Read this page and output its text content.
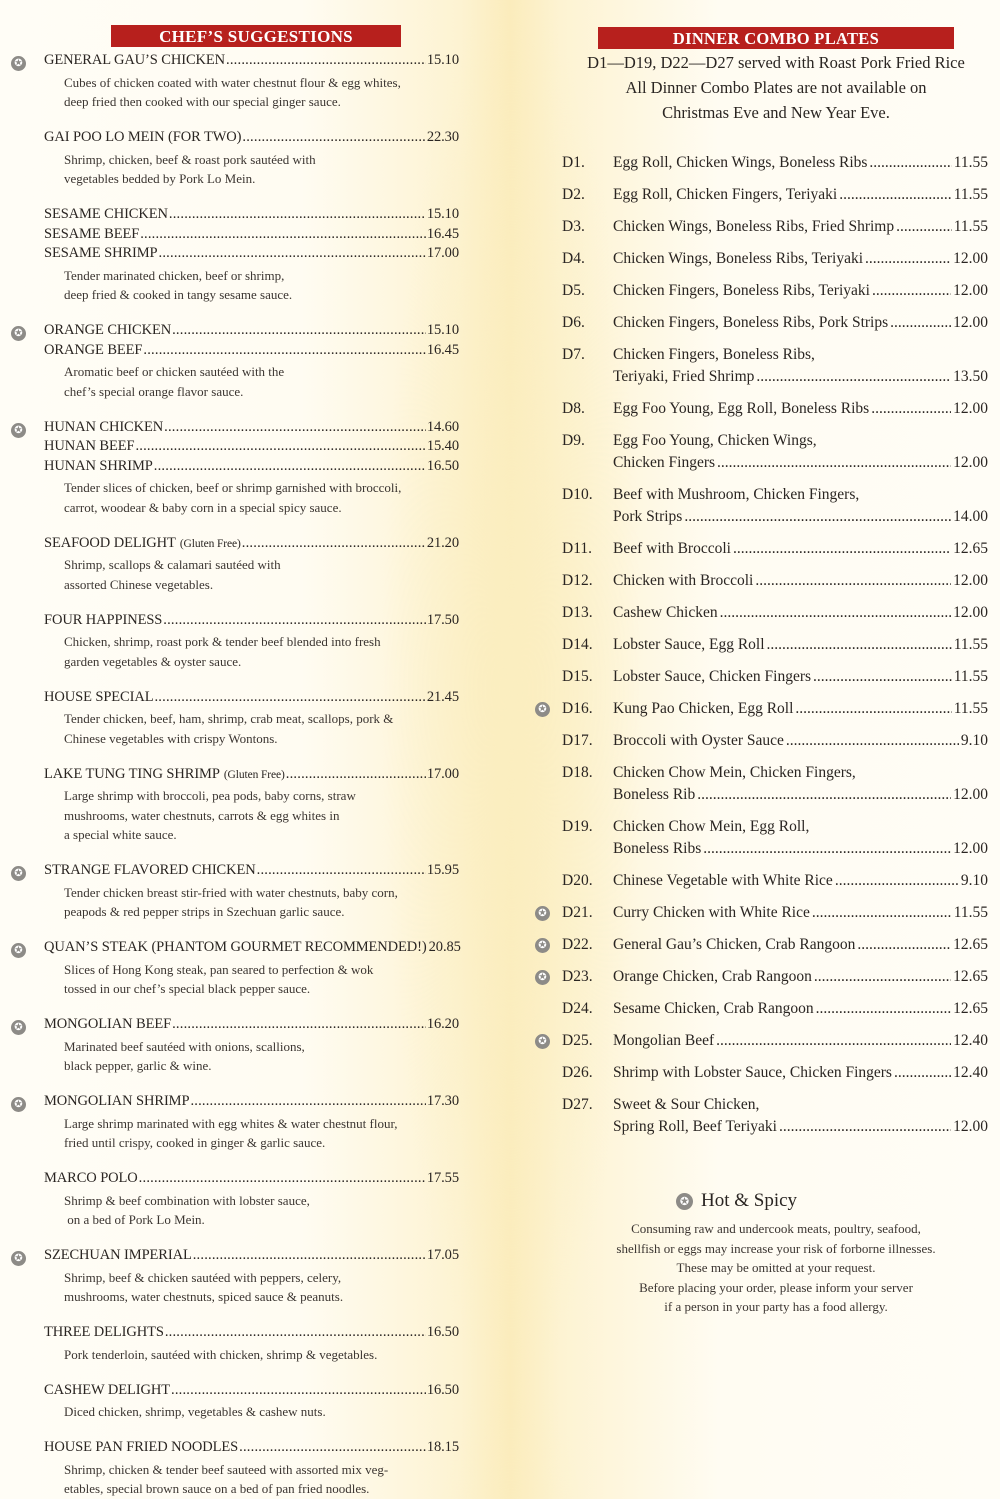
CHEF’S SUGGESTIONS	DINNER COMBO PLATES
✪ GENERAL GAU’S CHICKEN .....	15.10
Cubes of chicken coated with water chestnut flour & egg whites,
deep fried then cooked with our special ginger sauce.
GAI POO LO MEIN (FOR TWO) .....	22.30
Shrimp, chicken, beef & roast pork sautéed with
vegetables bedded by Pork Lo Mein.
SESAME CHICKEN .....	15.10
SESAME BEEF .....	16.45
SESAME SHRIMP .....	17.00
Tender marinated chicken, beef or shrimp,
deep fried & cooked in tangy sesame sauce.
✪ ORANGE CHICKEN .....	15.10
ORANGE BEEF .....	16.45
Aromatic beef or chicken sautéed with the
chef’s special orange flavor sauce.
✪ HUNAN CHICKEN .....	14.60
HUNAN BEEF .....	15.40
HUNAN SHRIMP .....	16.50
Tender slices of chicken, beef or shrimp garnished with broccoli,
carrot, woodear & baby corn in a special spicy sauce.
SEAFOOD DELIGHT (Gluten Free) .....	21.20
Shrimp, scallops & calamari sautéed with
assorted Chinese vegetables.
FOUR HAPPINESS .....	17.50
Chicken, shrimp, roast pork & tender beef blended into fresh
garden vegetables & oyster sauce.
HOUSE SPECIAL .....	21.45
Tender chicken, beef, ham, shrimp, crab meat, scallops, pork &
Chinese vegetables with crispy Wontons.
LAKE TUNG TING SHRIMP (Gluten Free) .....	17.00
Large shrimp with broccoli, pea pods, baby corns, straw
mushrooms, water chestnuts, carrots & egg whites in
a special white sauce.
✪ STRANGE FLAVORED CHICKEN .....	15.95
Tender chicken breast stir-fried with water chestnuts, baby corn,
peapods & red pepper strips in Szechuan garlic sauce.
✪ QUAN’S STEAK (PHANTOM GOURMET RECOMMENDED!) 20.85
Slices of Hong Kong steak, pan seared to perfection & wok
tossed in our chef’s special black pepper sauce.
✪ MONGOLIAN BEEF .....	16.20
Marinated beef sautéed with onions, scallions,
black pepper, garlic & wine.
✪ MONGOLIAN SHRIMP .....	17.30
Large shrimp marinated with egg whites & water chestnut flour,
fried until crispy, cooked in ginger & garlic sauce.
MARCO POLO .....	17.55
Shrimp & beef combination with lobster sauce,
on a bed of Pork Lo Mein.
✪ SZECHUAN IMPERIAL .....	17.05
Shrimp, beef & chicken sautéed with peppers, celery,
mushrooms, water chestnuts, spiced sauce & peanuts.
THREE DELIGHTS .....	16.50
Pork tenderloin, sautéed with chicken, shrimp & vegetables.
CASHEW DELIGHT .....	16.50
Diced chicken, shrimp, vegetables & cashew nuts.
HOUSE PAN FRIED NOODLES .....	18.15
Shrimp, chicken & tender beef sauteed with assorted mix veg-
etables, special brown sauce on a bed of pan fried noodles.
D1—D19, D22—D27 served with Roast Pork Fried Rice
All Dinner Combo Plates are not available on
Christmas Eve and New Year Eve.
D1. Egg Roll, Chicken Wings, Boneless Ribs .....	11.55
D2. Egg Roll, Chicken Fingers, Teriyaki .....	11.55
D3. Chicken Wings, Boneless Ribs, Fried Shrimp .....	11.55
D4. Chicken Wings, Boneless Ribs, Teriyaki .....	12.00
D5. Chicken Fingers, Boneless Ribs, Teriyaki .....	12.00
D6. Chicken Fingers, Boneless Ribs, Pork Strips .....	12.00
D7. Chicken Fingers, Boneless Ribs,
Teriyaki, Fried Shrimp .....	13.50
D8. Egg Foo Young, Egg Roll, Boneless Ribs .....	12.00
D9. Egg Foo Young, Chicken Wings,
Chicken Fingers .....	12.00
D10. Beef with Mushroom, Chicken Fingers,
Pork Strips .....	14.00
D11. Beef with Broccoli .....	12.65
D12. Chicken with Broccoli .....	12.00
D13. Cashew Chicken .....	12.00
D14. Lobster Sauce, Egg Roll .....	11.55
D15. Lobster Sauce, Chicken Fingers .....	11.55
✪ D16. Kung Pao Chicken, Egg Roll .....	11.55
D17. Broccoli with Oyster Sauce .....	9.10
D18. Chicken Chow Mein, Chicken Fingers,
Boneless Rib .....	12.00
D19. Chicken Chow Mein, Egg Roll,
Boneless Ribs .....	12.00
D20. Chinese Vegetable with White Rice .....	9.10
✪ D21. Curry Chicken with White Rice .....	11.55
✪ D22. General Gau’s Chicken, Crab Rangoon .....	12.65
✪ D23. Orange Chicken, Crab Rangoon .....	12.65
D24. Sesame Chicken, Crab Rangoon .....	12.65
✪ D25. Mongolian Beef .....	12.40
D26. Shrimp with Lobster Sauce, Chicken Fingers .....	12.40
D27. Sweet & Sour Chicken,
Spring Roll, Beef Teriyaki .....	12.00
✪ Hot & Spicy
Consuming raw and undercook meats, poultry, seafood,
shellfish or eggs may increase your risk of forborne illnesses.
These may be omitted at your request.
Before placing your order, please inform your server
if a person in your party has a food allergy.
